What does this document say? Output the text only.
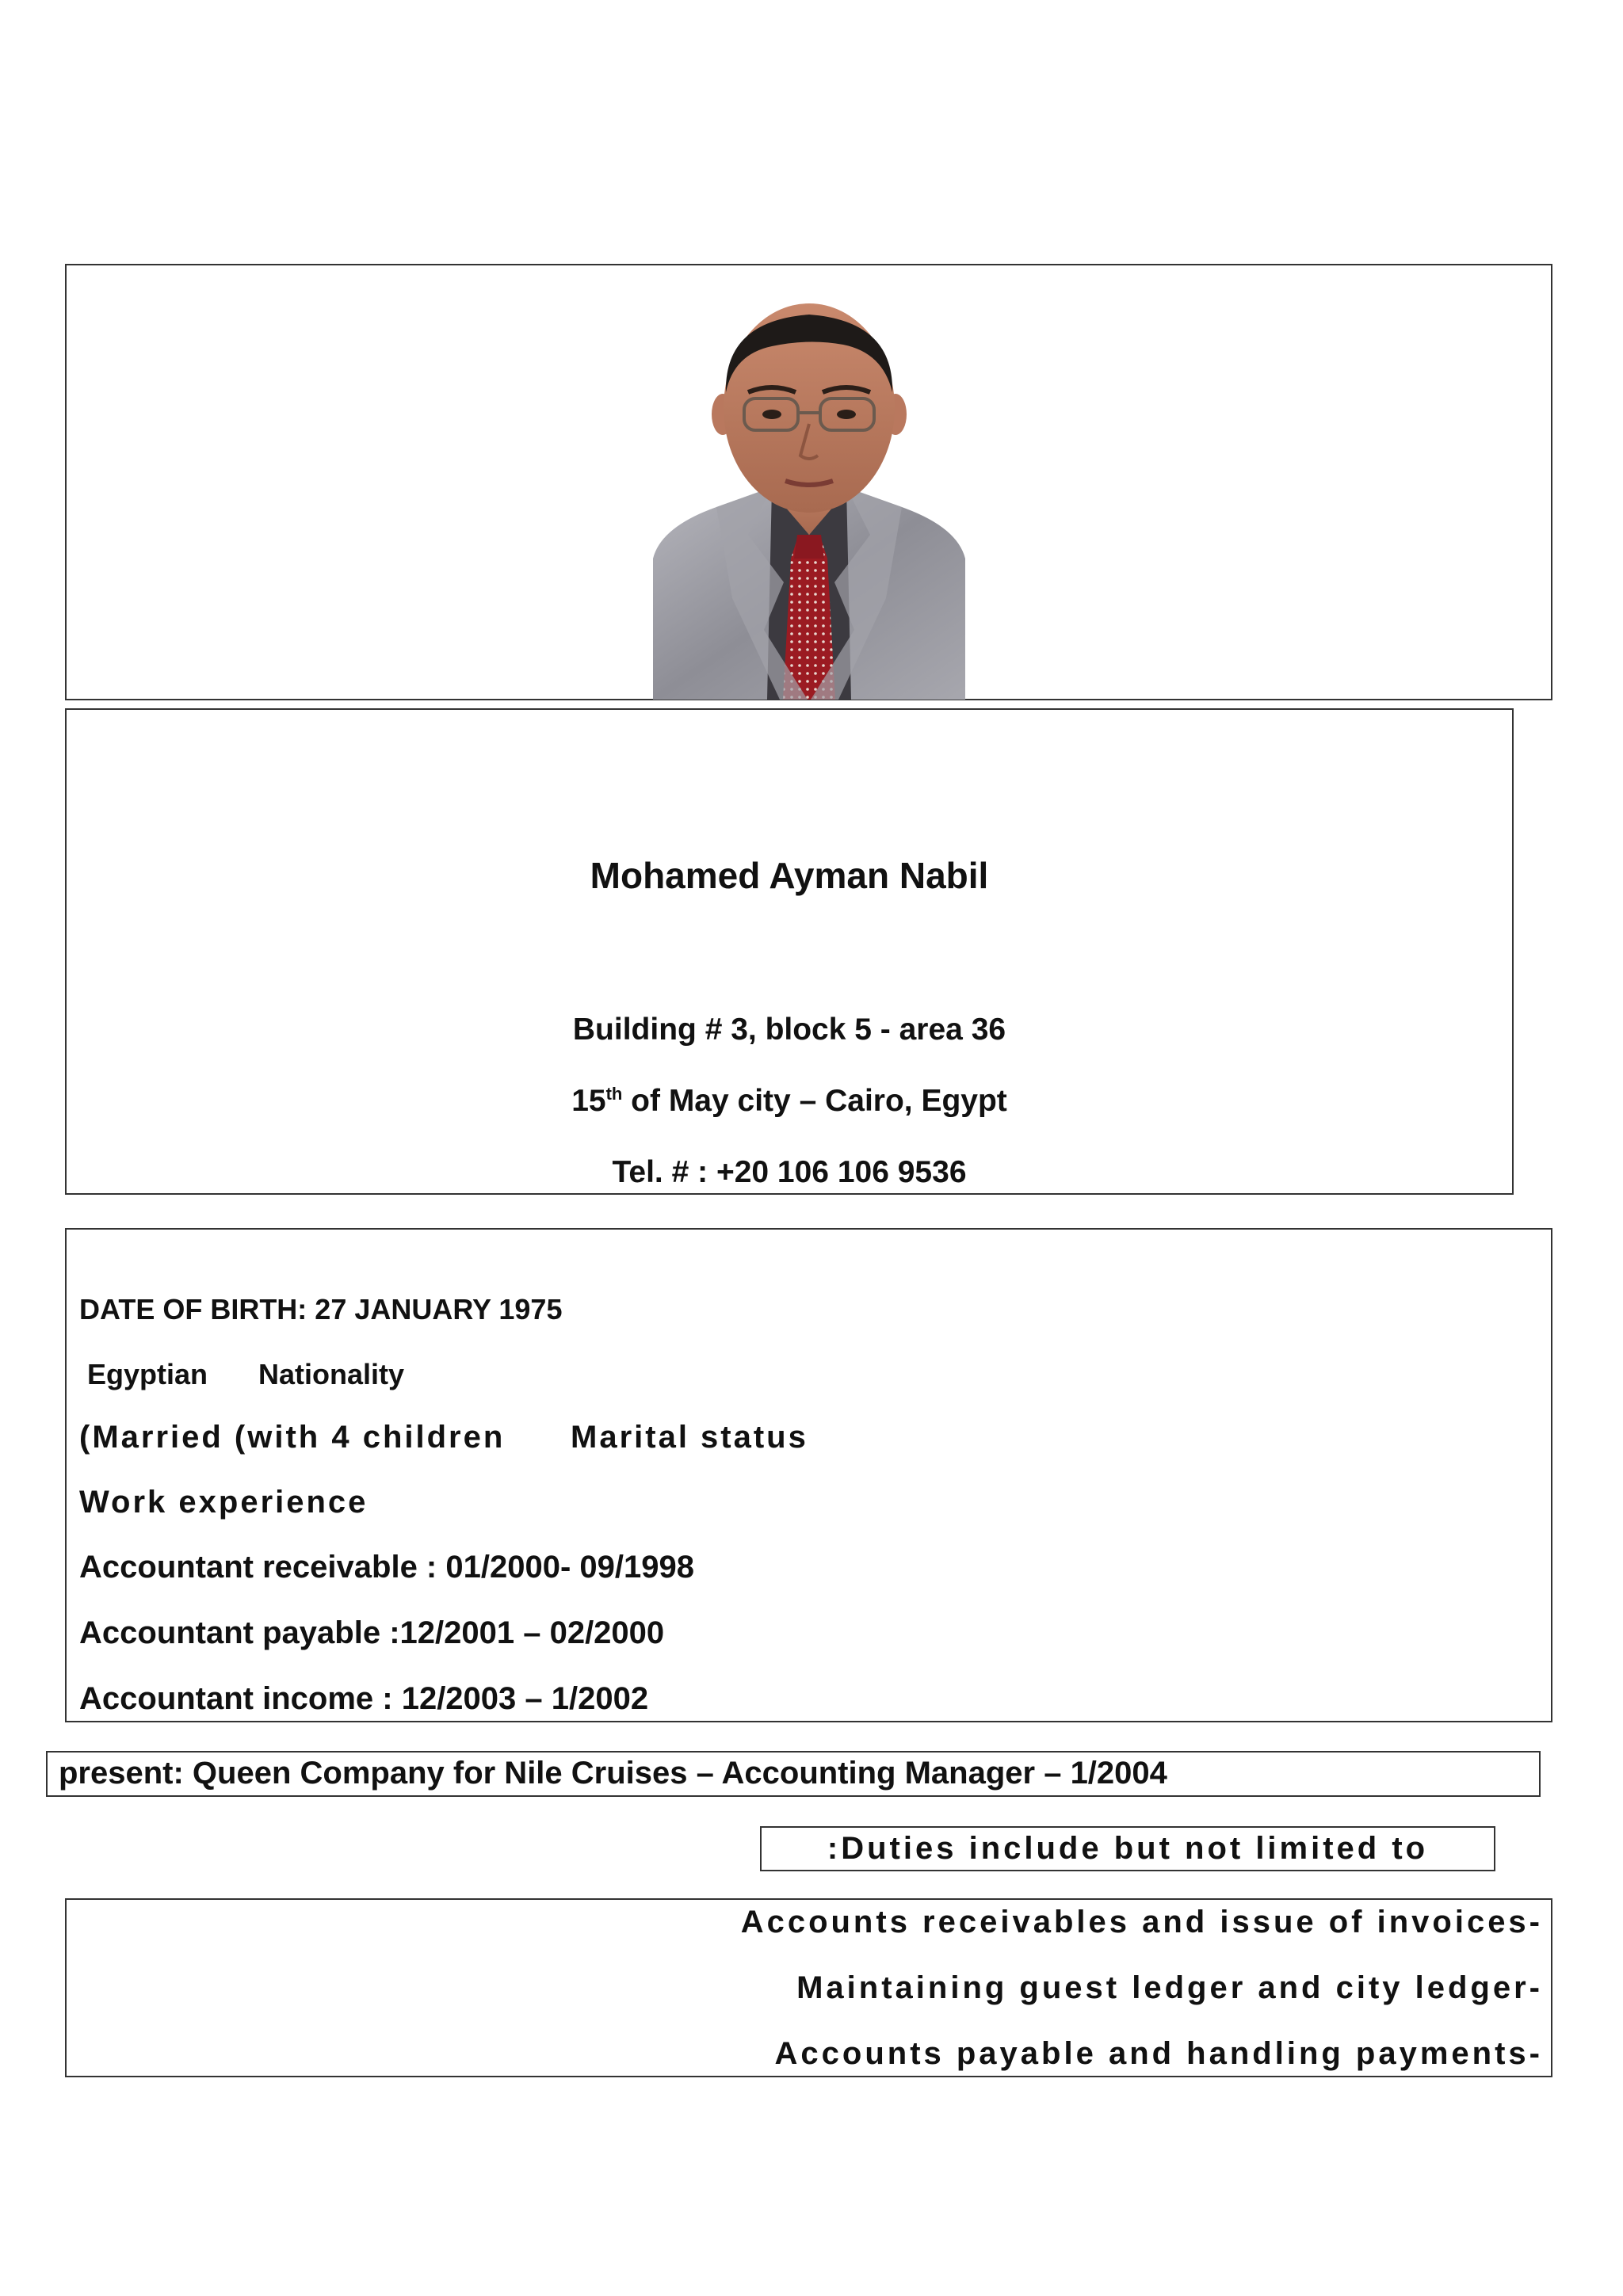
Mohamed Ayman Nabil
Building # 3, block 5 - area 36
15th of May city – Cairo, Egypt
Tel. # : +20 106 106 9536
DATE OF BIRTH: 27 JANUARY 1975
Egyptian Nationality
(Married (with 4 children Marital status
Work experience
Accountant receivable : 01/2000- 09/1998
Accountant payable :12/2001 – 02/2000
Accountant income : 12/2003 – 1/2002
present: Queen Company for Nile Cruises – Accounting Manager – 1/2004
:Duties include but not limited to
Accounts receivables and issue of invoices-
Maintaining guest ledger and city ledger-
Accounts payable and handling payments-
